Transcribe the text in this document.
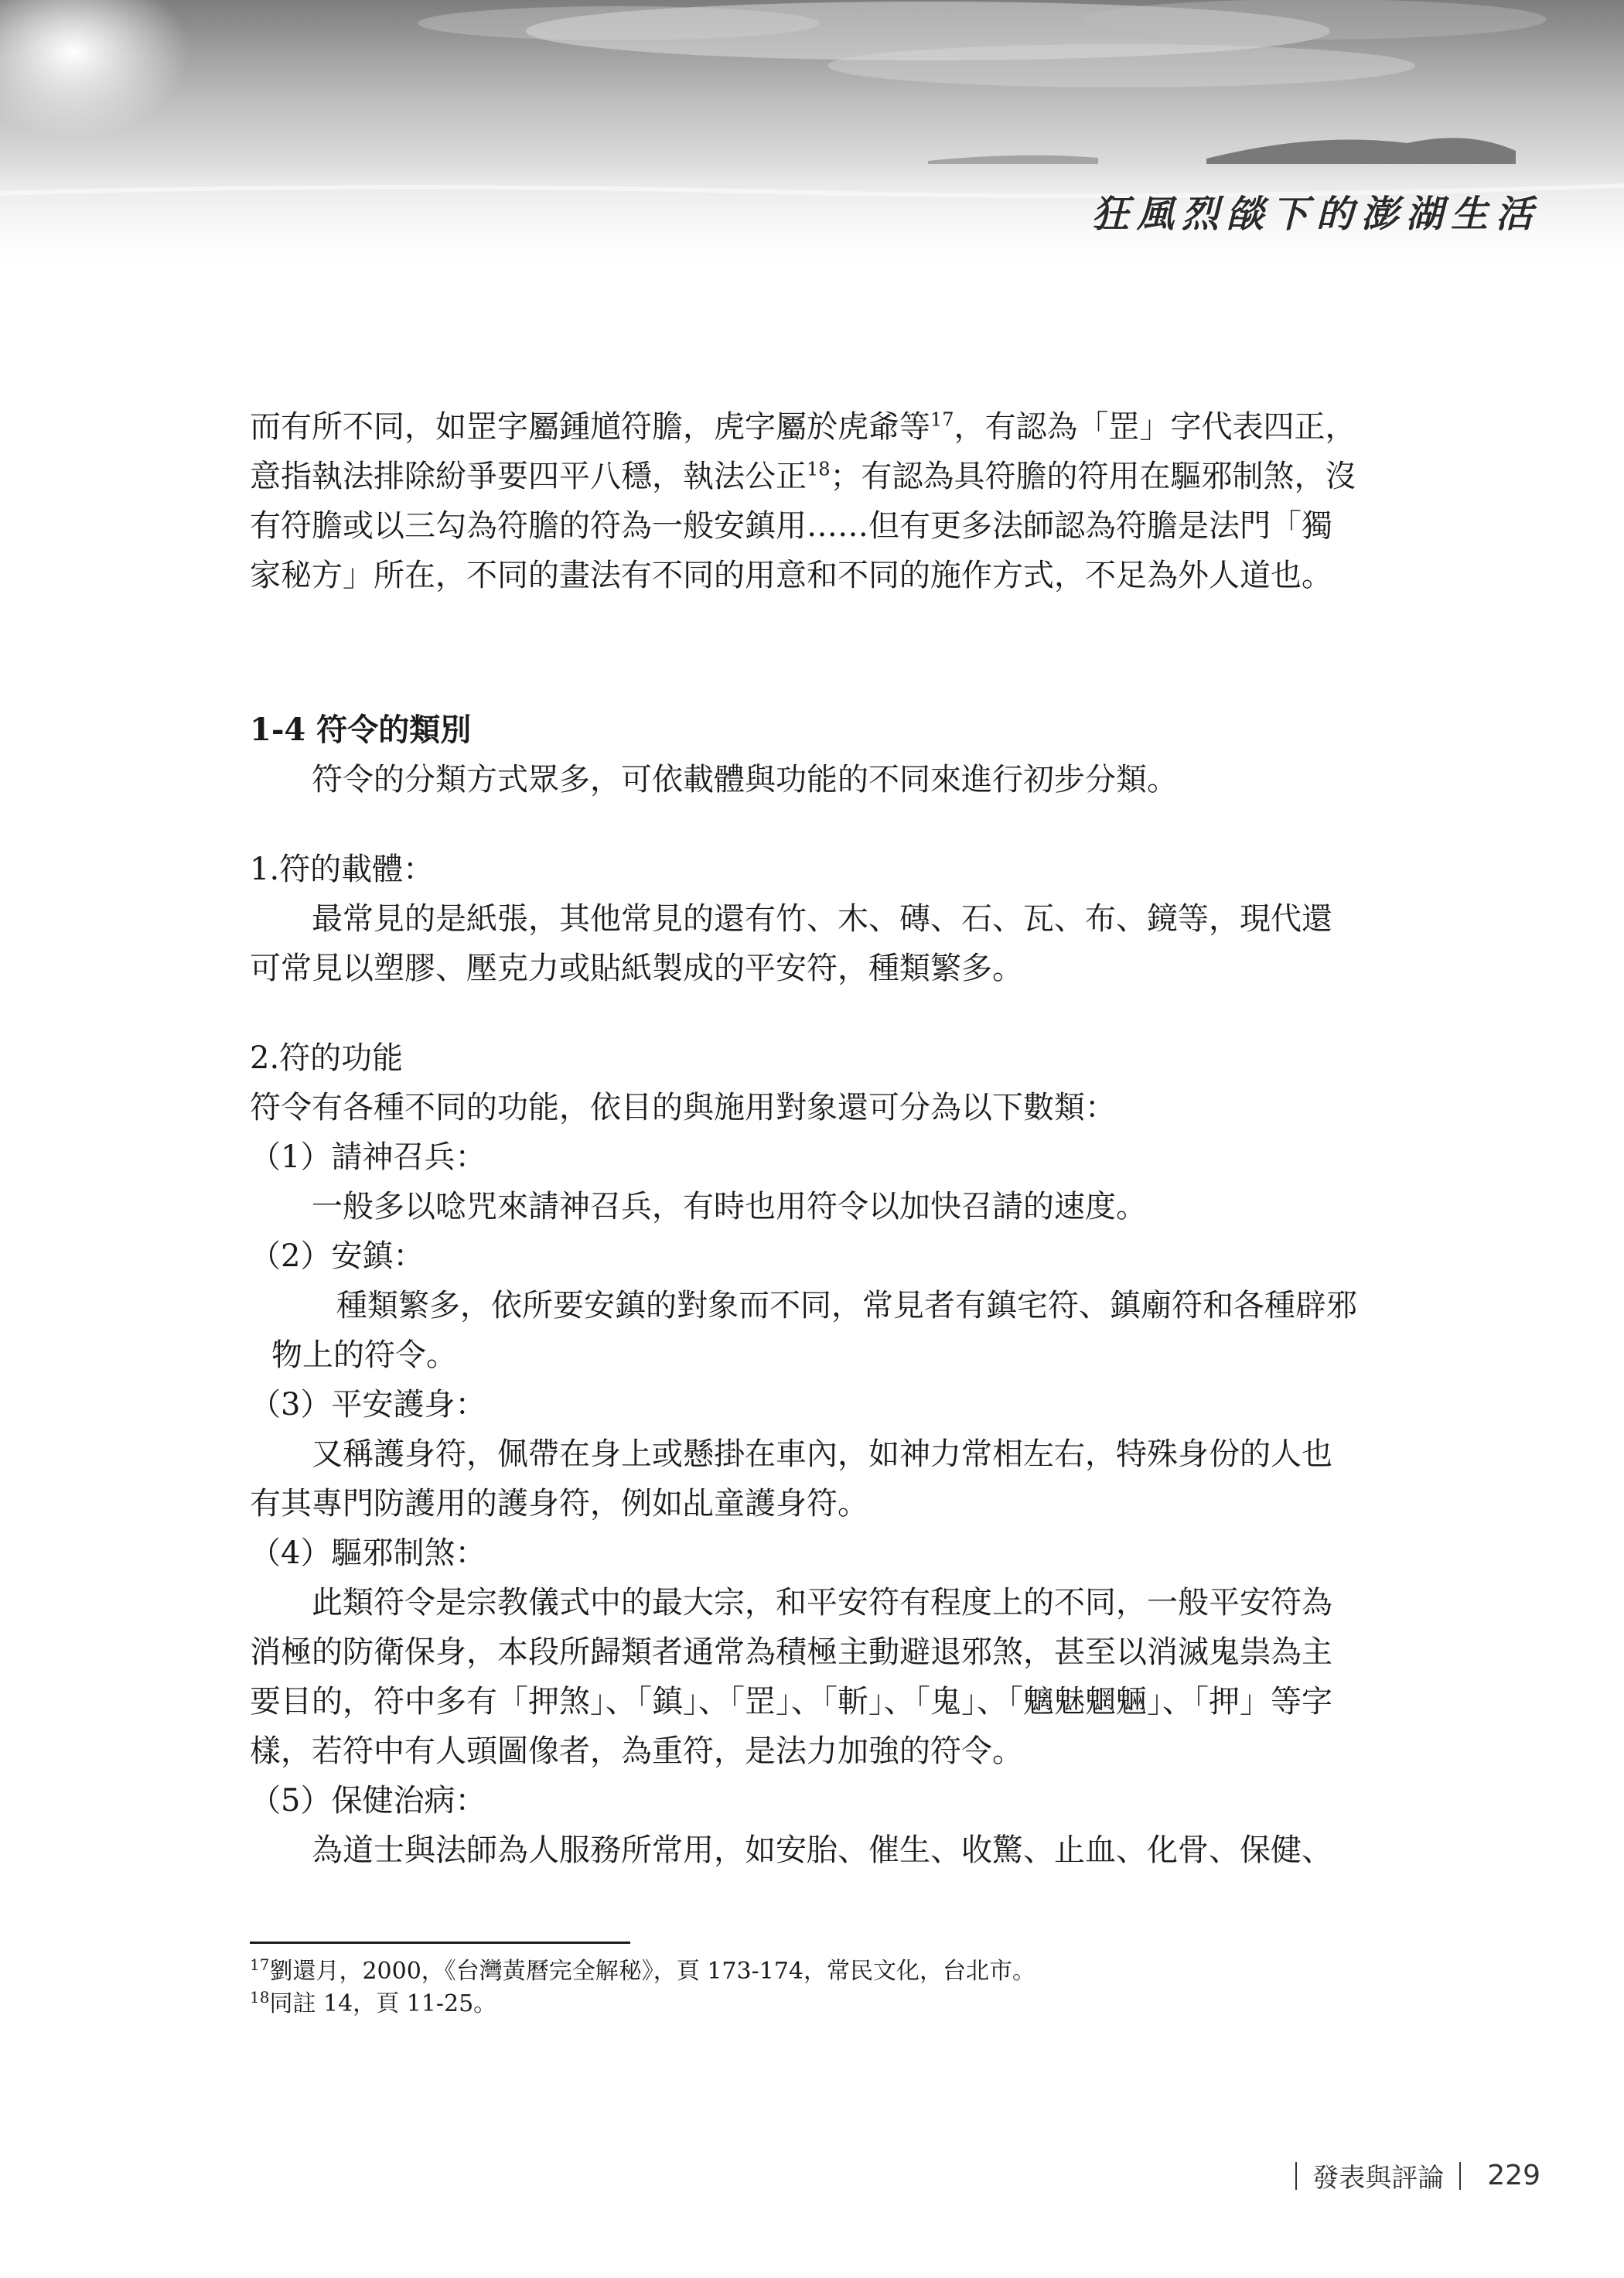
狂風烈燄下的澎湖生活

而有所不同，如罡字屬鍾馗符膽，虎字屬於虎爺等$^{17}$，有認為「罡」字代表四正，

意指執法排除紛爭要四平八穩，執法公正$^{18}$；有認為具符膽的符用在驅邪制煞，沒

有符膽或以三勾為符膽的符為一般安鎮用……但有更多法師認為符膽是法門「獨

家秘方」所在，不同的畫法有不同的用意和不同的施作方式，不足為外人道也。

1-4 符令的類別

符令的分類方式眾多，可依載體與功能的不同來進行初步分類。

1.符的載體：

最常見的是紙張，其他常見的還有竹、木、磚、石、瓦、布、鏡等，現代還

可常見以塑膠、壓克力或貼紙製成的平安符，種類繁多。

2.符的功能

符令有各種不同的功能，依目的與施用對象還可分為以下數類：

（1）請神召兵：

一般多以唸咒來請神召兵，有時也用符令以加快召請的速度。

（2）安鎮：

種類繁多，依所要安鎮的對象而不同，常見者有鎮宅符、鎮廟符和各種辟邪

物上的符令。

（3）平安護身：

又稱護身符，佩帶在身上或懸掛在車內，如神力常相左右，特殊身份的人也

有其專門防護用的護身符，例如乩童護身符。

（4）驅邪制煞：

此類符令是宗教儀式中的最大宗，和平安符有程度上的不同，一般平安符為

消極的防衛保身，本段所歸類者通常為積極主動避退邪煞，甚至以消滅鬼祟為主

要目的，符中多有「押煞」、「鎮」、「罡」、「斬」、「鬼」、「魑魅魍魎」、「押」等字

樣，若符中有人頭圖像者，為重符，是法力加強的符令。

（5）保健治病：

為道士與法師為人服務所常用，如安胎、催生、收驚、止血、化骨、保健、

$^{17}$劉還月，2000，《台灣黃曆完全解秘》，頁 173-174，常民文化，台北市。

$^{18}$同註 14，頁 11-25。

發表與評論 229
